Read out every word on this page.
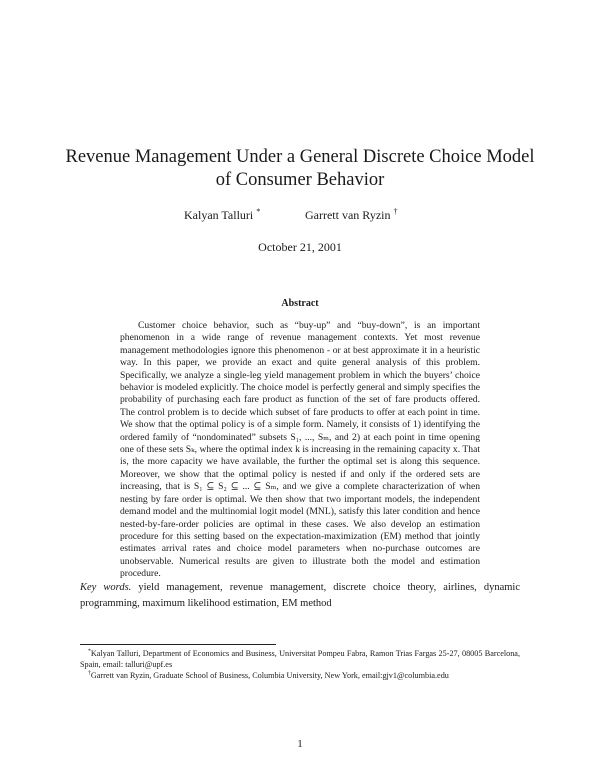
Revenue Management Under a General Discrete Choice Model
of Consumer Behavior
Kalyan Talluri *	Garrett van Ryzin †
October 21, 2001
Abstract

Customer choice behavior, such as “buy-up” and “buy-down”, is an important phenomenon in a wide range of revenue management contexts. Yet most revenue management methodologies ignore this phenomenon - or at best approximate it in a heuristic way. In this paper, we provide an exact and quite general analysis of this problem. Specifically, we analyze a single-leg yield management problem in which the buyers’ choice behavior is modeled explicitly. The choice model is perfectly general and simply specifies the probability of purchasing each fare product as function of the set of fare products offered. The control problem is to decide which subset of fare products to offer at each point in time. We show that the optimal policy is of a simple form. Namely, it consists of 1) identifying the ordered family of “nondominated” subsets S₁, ..., Sₘ, and 2) at each point in time opening one of these sets Sₖ, where the optimal index k is increasing in the remaining capacity x. That is, the more capacity we have available, the further the optimal set is along this sequence. Moreover, we show that the optimal policy is nested if and only if the ordered sets are increasing, that is S₁ ⊆ S₂ ⊆ ... ⊆ Sₘ, and we give a complete characterization of when nesting by fare order is optimal. We then show that two important models, the independent demand model and the multinomial logit model (MNL), satisfy this later condition and hence nested-by-fare-order policies are optimal in these cases. We also develop an estimation procedure for this setting based on the expectation-maximization (EM) method that jointly estimates arrival rates and choice model parameters when no-purchase outcomes are unobservable. Numerical results are given to illustrate both the model and estimation procedure.

Key words. yield management, revenue management, discrete choice theory, airlines, dynamic programming, maximum likelihood estimation, EM method

*Kalyan Talluri, Department of Economics and Business, Universitat Pompeu Fabra, Ramon Trias Fargas 25-27, 08005 Barcelona, Spain, email: talluri@upf.es

†Garrett van Ryzin, Graduate School of Business, Columbia University, New York, email:gjv1@columbia.edu

1
